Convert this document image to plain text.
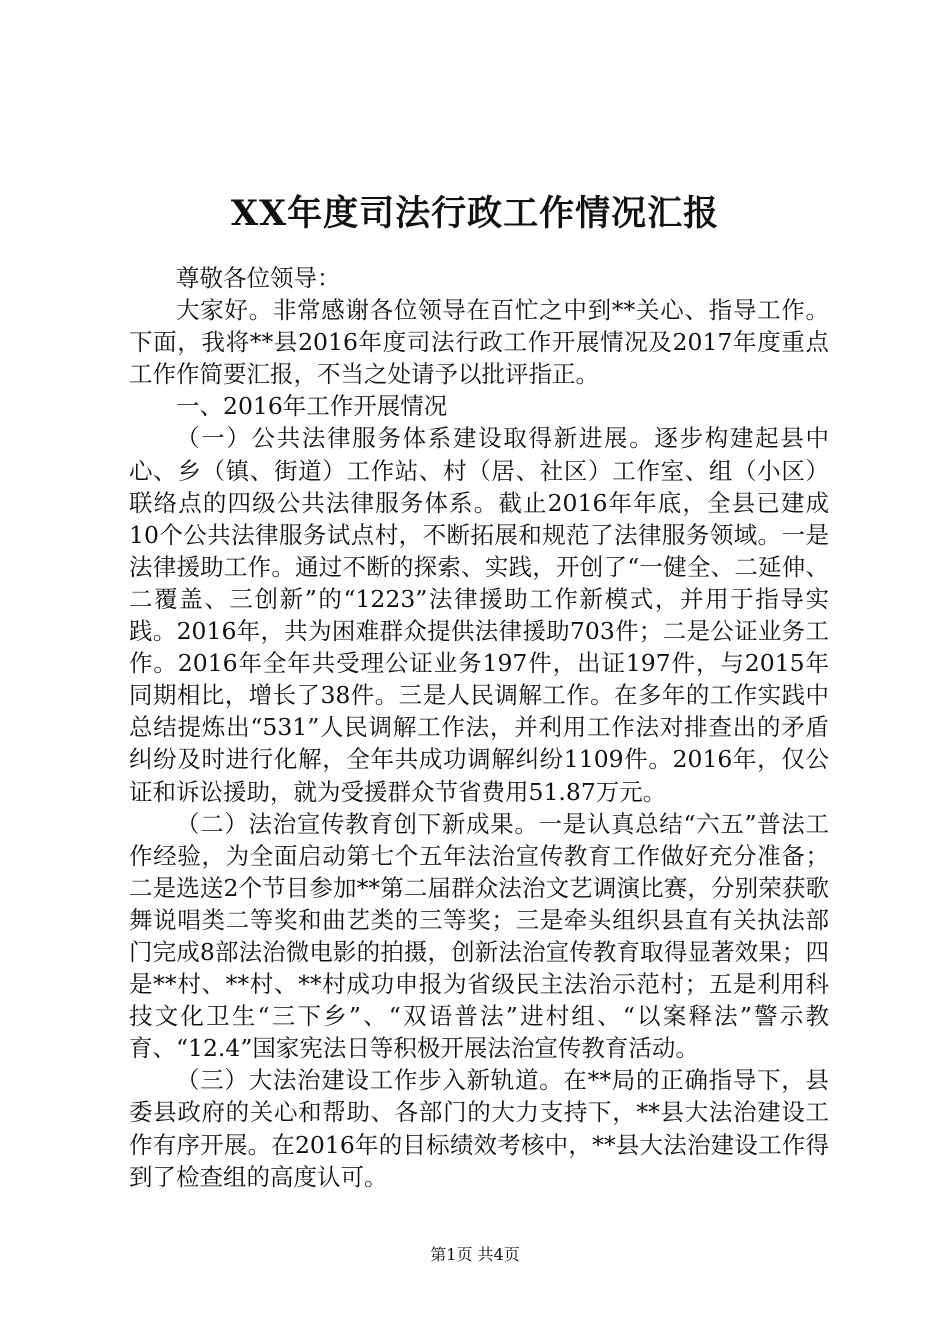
XX年度司法行政工作情况汇报

尊敬各位领导：

大家好。非常感谢各位领导在百忙之中到**关心、指导工作。下面，我将**县2016年度司法行政工作开展情况及2017年度重点工作作简要汇报，不当之处请予以批评指正。

一、2016年工作开展情况

（一）公共法律服务体系建设取得新进展。逐步构建起县中心、乡（镇、街道）工作站、村（居、社区）工作室、组（小区）联络点的四级公共法律服务体系。截止2016年年底，全县已建成10个公共法律服务试点村，不断拓展和规范了法律服务领域。一是法律援助工作。通过不断的探索、实践，开创了“一健全、二延伸、二覆盖、三创新”的“1223”法律援助工作新模式，并用于指导实践。2016年，共为困难群众提供法律援助703件；二是公证业务工作。2016年全年共受理公证业务197件，出证197件，与2015年同期相比，增长了38件。三是人民调解工作。在多年的工作实践中总结提炼出“531”人民调解工作法，并利用工作法对排查出的矛盾纠纷及时进行化解，全年共成功调解纠纷1109件。2016年，仅公证和诉讼援助，就为受援群众节省费用51.87万元。

（二）法治宣传教育创下新成果。一是认真总结“六五”普法工作经验，为全面启动第七个五年法治宣传教育工作做好充分准备；二是选送2个节目参加**第二届群众法治文艺调演比赛，分别荣获歌舞说唱类二等奖和曲艺类的三等奖；三是牵头组织县直有关执法部门完成8部法治微电影的拍摄，创新法治宣传教育取得显著效果；四是**村、**村、**村成功申报为省级民主法治示范村；五是利用科技文化卫生“三下乡”、“双语普法”进村组、“以案释法”警示教育、“12.4”国家宪法日等积极开展法治宣传教育活动。

（三）大法治建设工作步入新轨道。在**局的正确指导下，县委县政府的关心和帮助、各部门的大力支持下，**县大法治建设工作有序开展。在2016年的目标绩效考核中，**县大法治建设工作得到了检查组的高度认可。

第1页 共4页
